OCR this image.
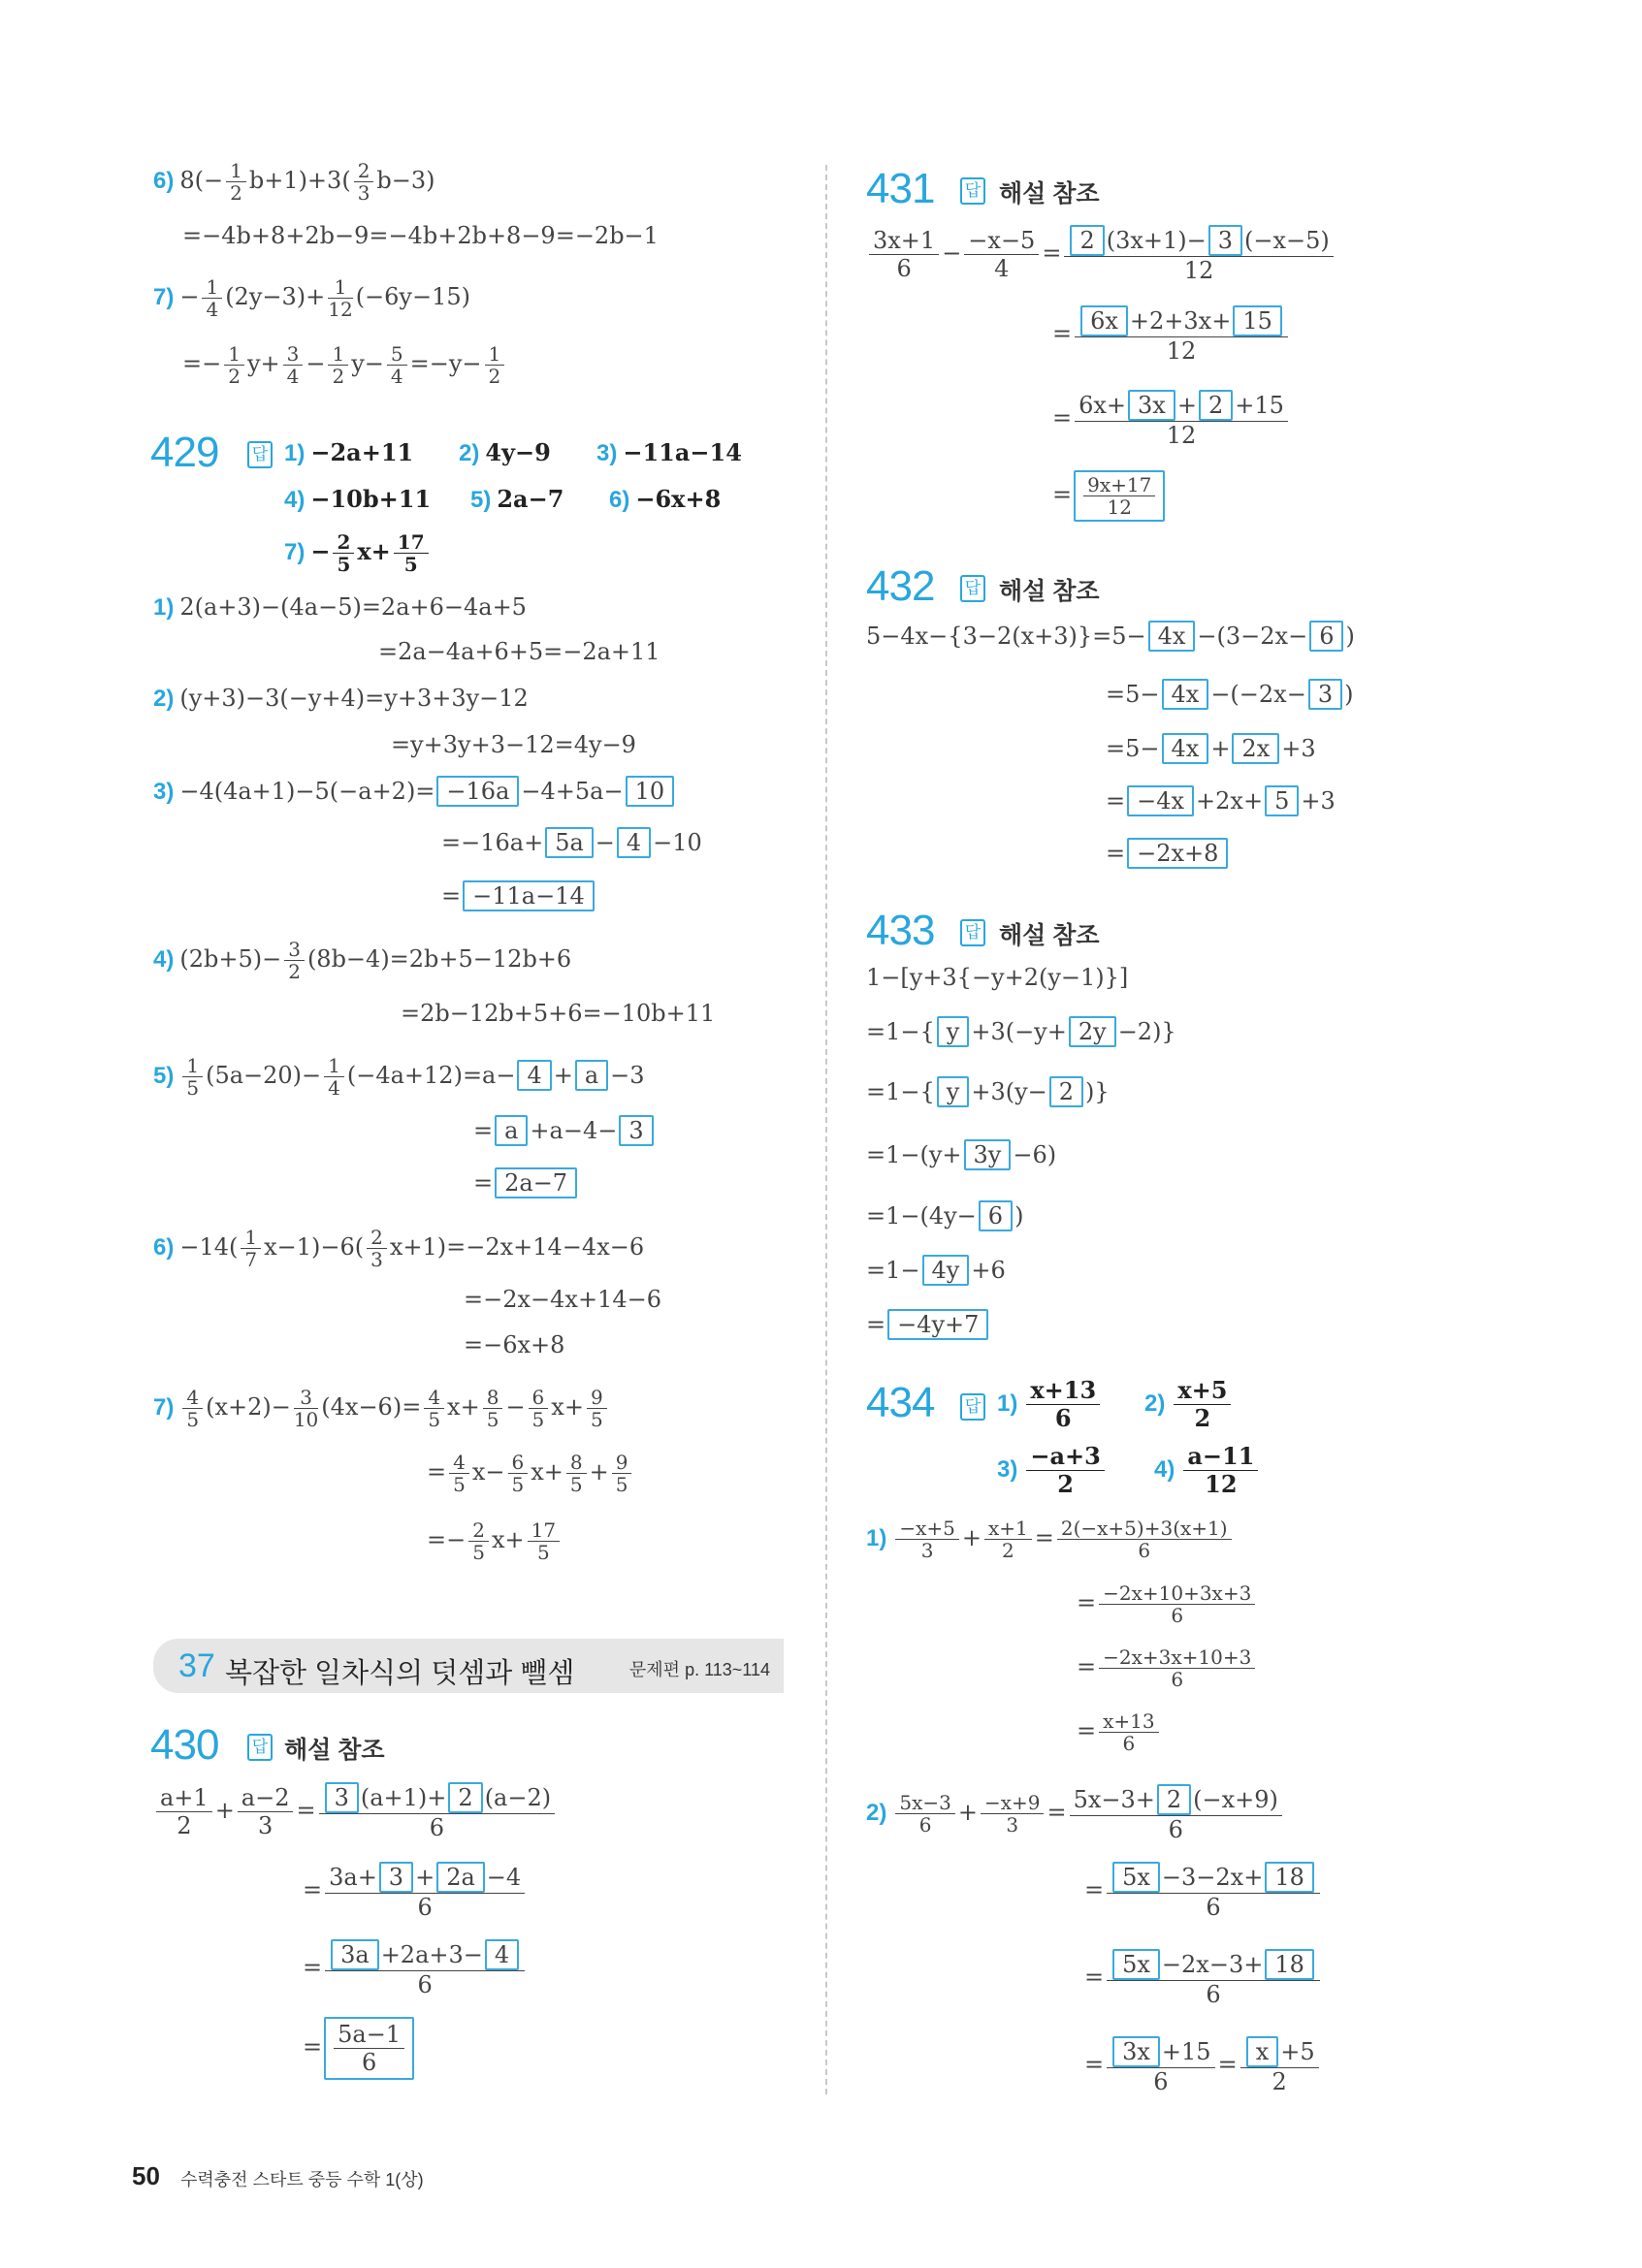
6) $8(- \frac{1}{2} b+1)+3( \frac{2}{3} b-3)$
=−4b+8+2b−9=−4b+2b+8−9=−2b−1
$7) - \frac{1}{4} (2y-3)+ \frac{1}{12} (-6y-15)$
=− $\frac{1}{2} y+ \frac{3}{4} - \frac{1}{2} y- \frac{5}{4} =-y- \frac{1}{2}$
429 답 1) −2a+11 2) 4y−9 3) −11a−14
4) −10b+11 5) 2a−7 6) −6x+8
$7) - \frac{2}{5} x+ \frac{17}{5}$
1) 2(a+3)−(4a−5)=2a+6−4a+5
=2a−4a+6+5=−2a+11
2) (y+3)−3(−y+4)=y+3+3y−12
=y+3y+3−12=4y−9
3) −4(4a+1)−5(−a+2)= −16a −4+5a− 10
=−16a+ 5a − 4 −10
= −11a−14
4) $(2b+5)- \frac{3}{2} (8b-4)=2b+5-12b+6$
=2b−12b+5+6=−10b+11
$5) \frac{1}{5} (5a-20)- \frac{1}{4} (-4a+12)=a- 4 + a -3$
= a +a−4− 3
= 2a−7
$6) -14( \frac{1}{7} x-1)-6( \frac{2}{3} x+1)=-2x+14-4x-6$
=−2x−4x+14−6
=−6x+8
$7) \frac{4}{5} (x+2)- \frac{3}{10} (4x-6)= \frac{4}{5} x+ \frac{8}{5} - \frac{6}{5} x+ \frac{9}{5}$
= $\frac{4}{5} x- \frac{6}{5} x+ \frac{8}{5} + \frac{9}{5}$
=− $\frac{2}{5} x+ \frac{17}{5}$
37 복잡한 일차식의 덧셈과 뺄셈	문제편 p. 113~114
430 답 해설 참조
$\frac{a+1}{2} + \frac{a-2}{3} = \frac{3 (a+1)+ 2 (a-2)}{6}$
= $\frac{3a+ 3 + 2a -4}{6}$
= $\frac{3a +2a+3- 4}{6}$
= $\frac{5a-1}{6}$
431 답 해설 참조
$\frac{3x+1}{6} - \frac{-x-5}{4} = \frac{2 (3x+1)- 3 (-x-5)}{12}$
= $\frac{6x +2+3x+ 15}{12}$
= $\frac{6x+ 3x + 2 +15}{12}$
= $\frac{9x+17}{12}$
432 답 해설 참조
5−4x−{3−2(x+3)}=5− 4x −(3−2x− 6 )
=5− 4x −(−2x− 3 )
=5− 4x + 2x +3
= −4x +2x+ 5 +3
= −2x+8
433 답 해설 참조
1−[y+3{−y+2(y−1)}]
=1−{ y +3(−y+ 2y −2)}
=1−{ y +3(y− 2 )}
=1−(y+ 3y −6)
=1−(4y− 6 )
=1− 4y +6
= −4y+7
434 답 $1) \frac{x+13}{6} 2) \frac{x+5}{2}$
$3) \frac{-a+3}{2} 4) \frac{a-11}{12}$
$1) \frac{-x+5}{3} + \frac{x+1}{2} = \frac{2(-x+5)+3(x+1)}{6}$
= $\frac{-2x+10+3x+3}{6}$
= $\frac{-2x+3x+10+3}{6}$
= $\frac{x+13}{6}$
$2) \frac{5x-3}{6} + \frac{-x+9}{3} = \frac{5x-3+ 2 (-x+9)}{6}$
= $\frac{5x -3-2x+ 18}{6}$
= $\frac{5x -2x-3+ 18}{6}$
= $\frac{3x +15}{6} = \frac{x +5}{2}$
50 수력충전 스타트 중등 수학 1(상)
